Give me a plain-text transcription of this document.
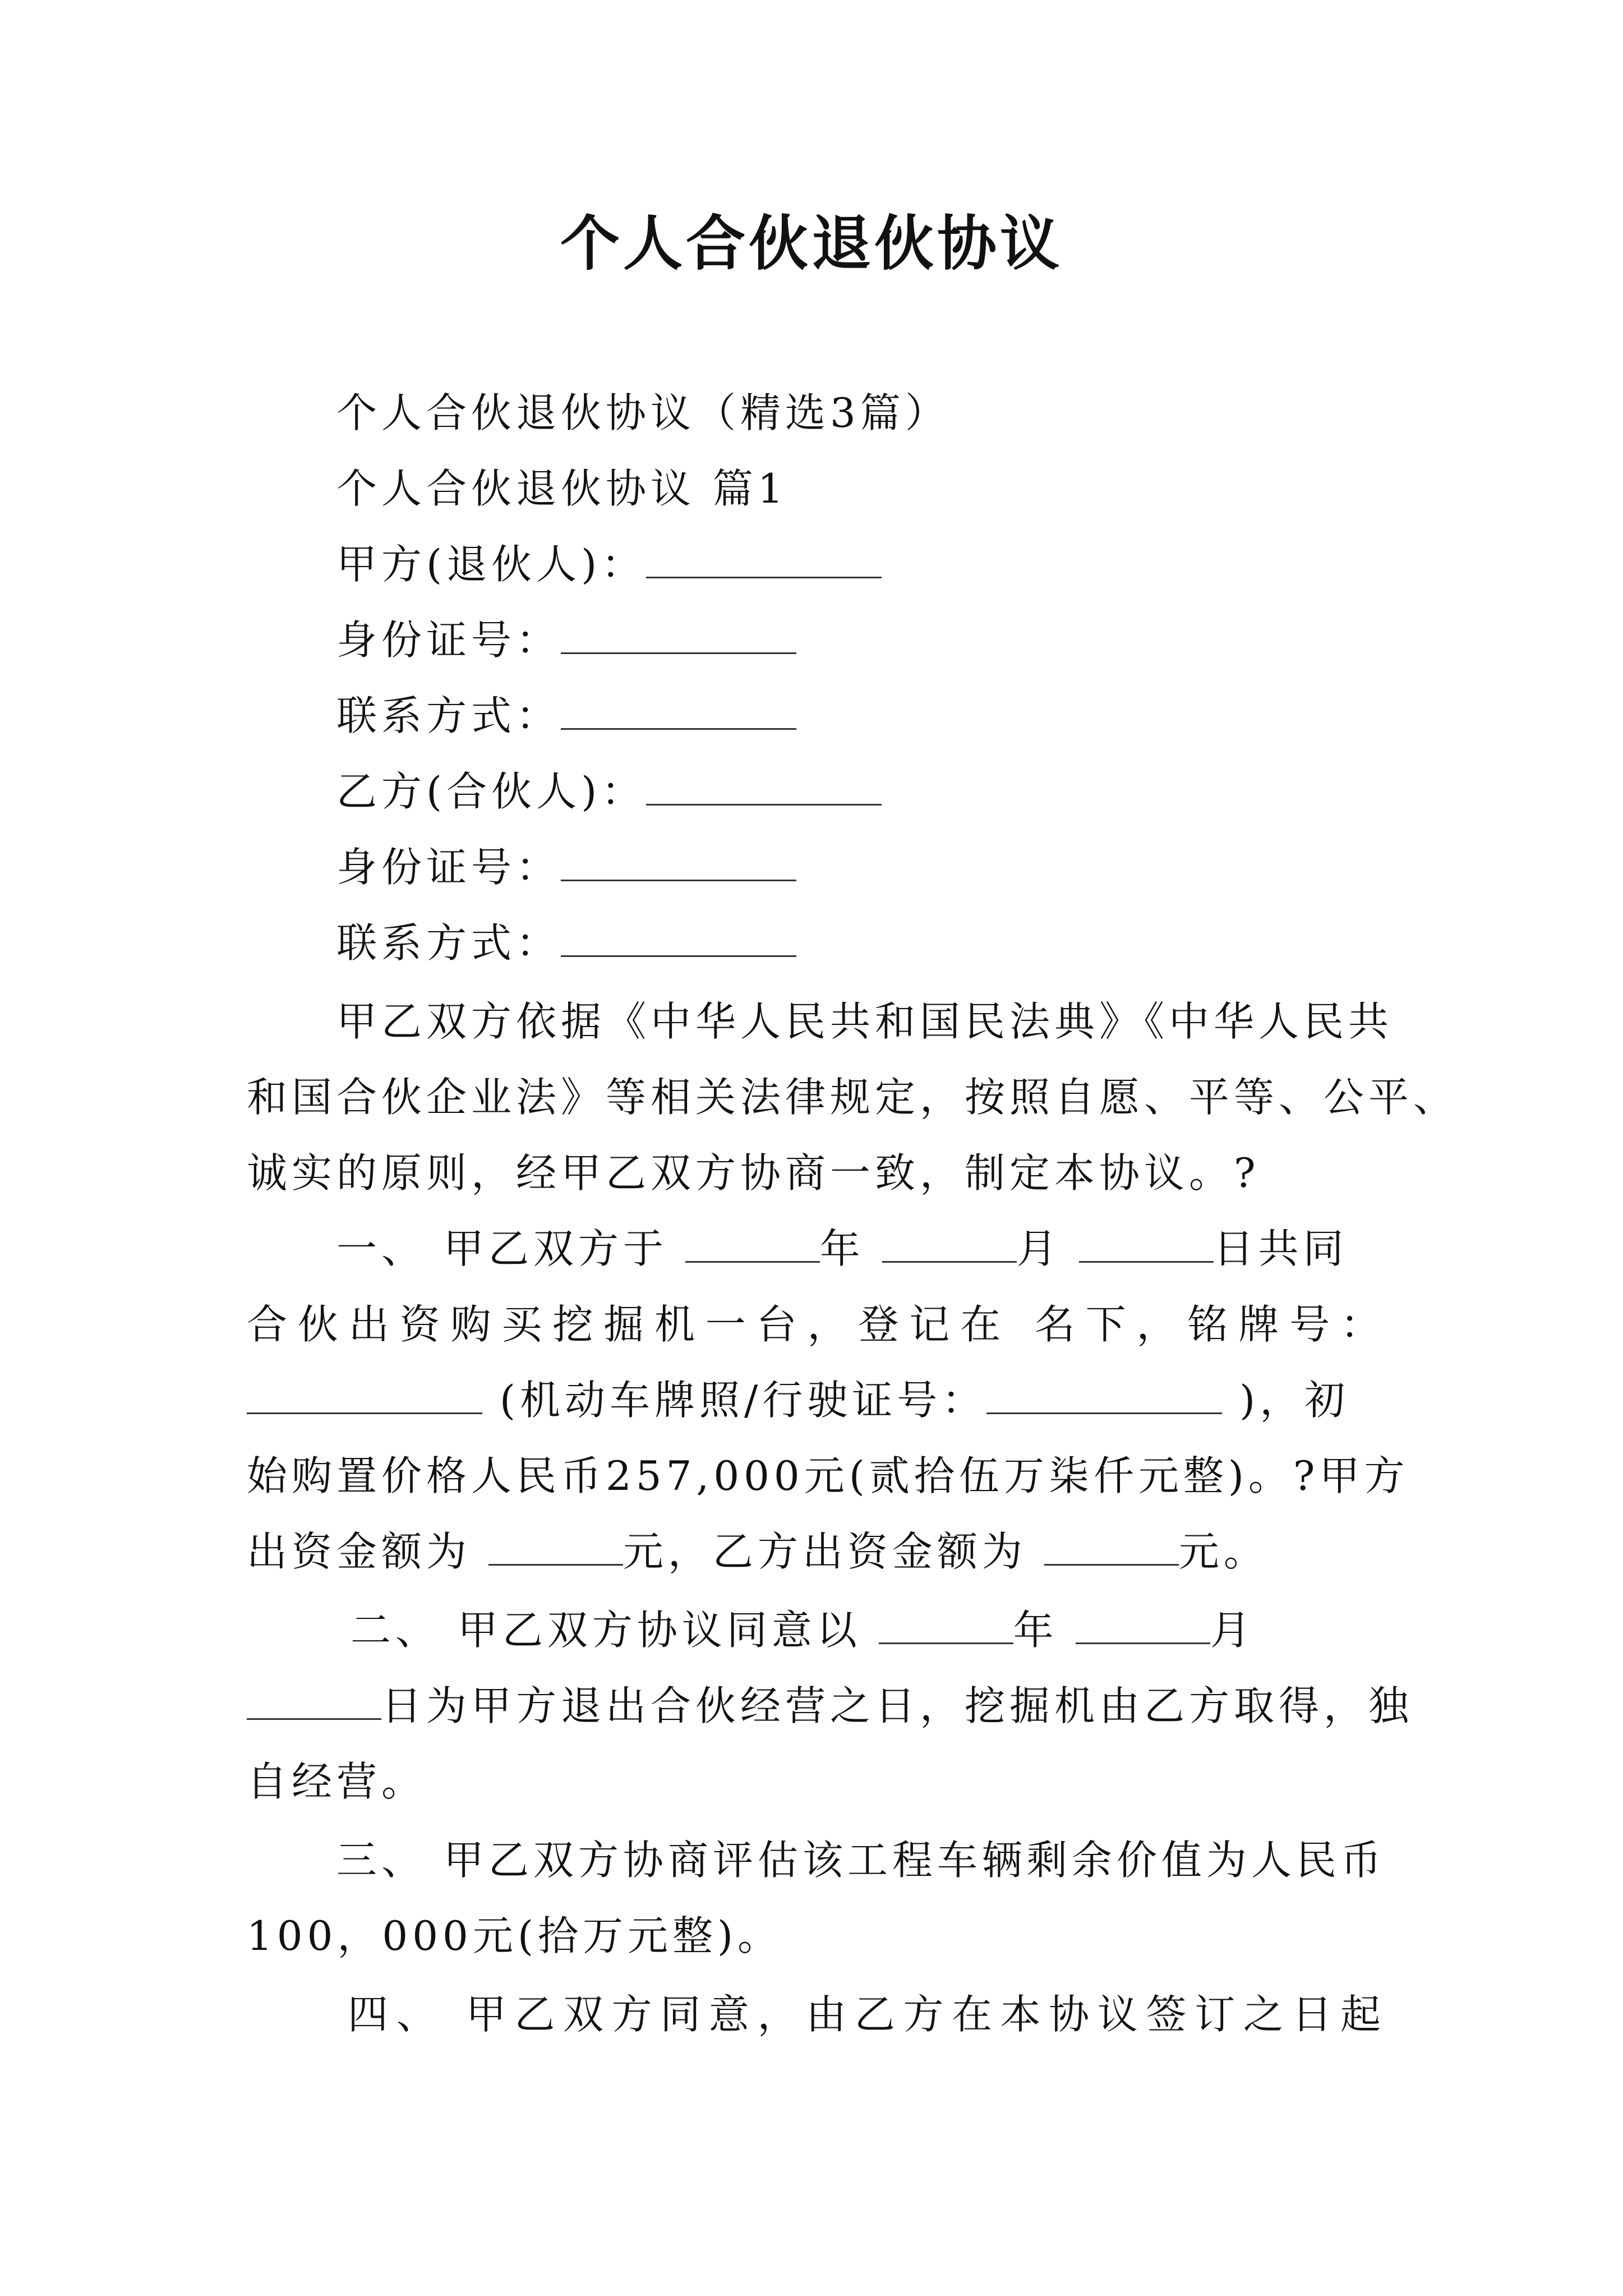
个人合伙退伙协议
个人合伙退伙协议（精选3篇）
个人合伙退伙协议 篇1
甲方(退伙人)：
身份证号：
联系方式：
乙方(合伙人)：
身份证号：
联系方式：
甲乙双方依据《中华人民共和国民法典》《中华人民共
和国合伙企业法》等相关法律规定，按照自愿、平等、公平、
诚实的原则，经甲乙双方协商一致，制定本协议。?
一、 甲乙双方于	年	月	日共同
合伙出资购买挖掘机一台，登记在 名下，铭牌号：
(机动车牌照/行驶证号：	)，初
始购置价格人民币257,000元(贰拾伍万柒仟元整)。?甲方
出资金额为	元，乙方出资金额为	元。
二、 甲乙双方协议同意以	年	月
日为甲方退出合伙经营之日，挖掘机由乙方取得，独
自经营。
三、 甲乙双方协商评估该工程车辆剩余价值为人民币
100，000元(拾万元整)。
四、 甲乙双方同意，由乙方在本协议签订之日起
